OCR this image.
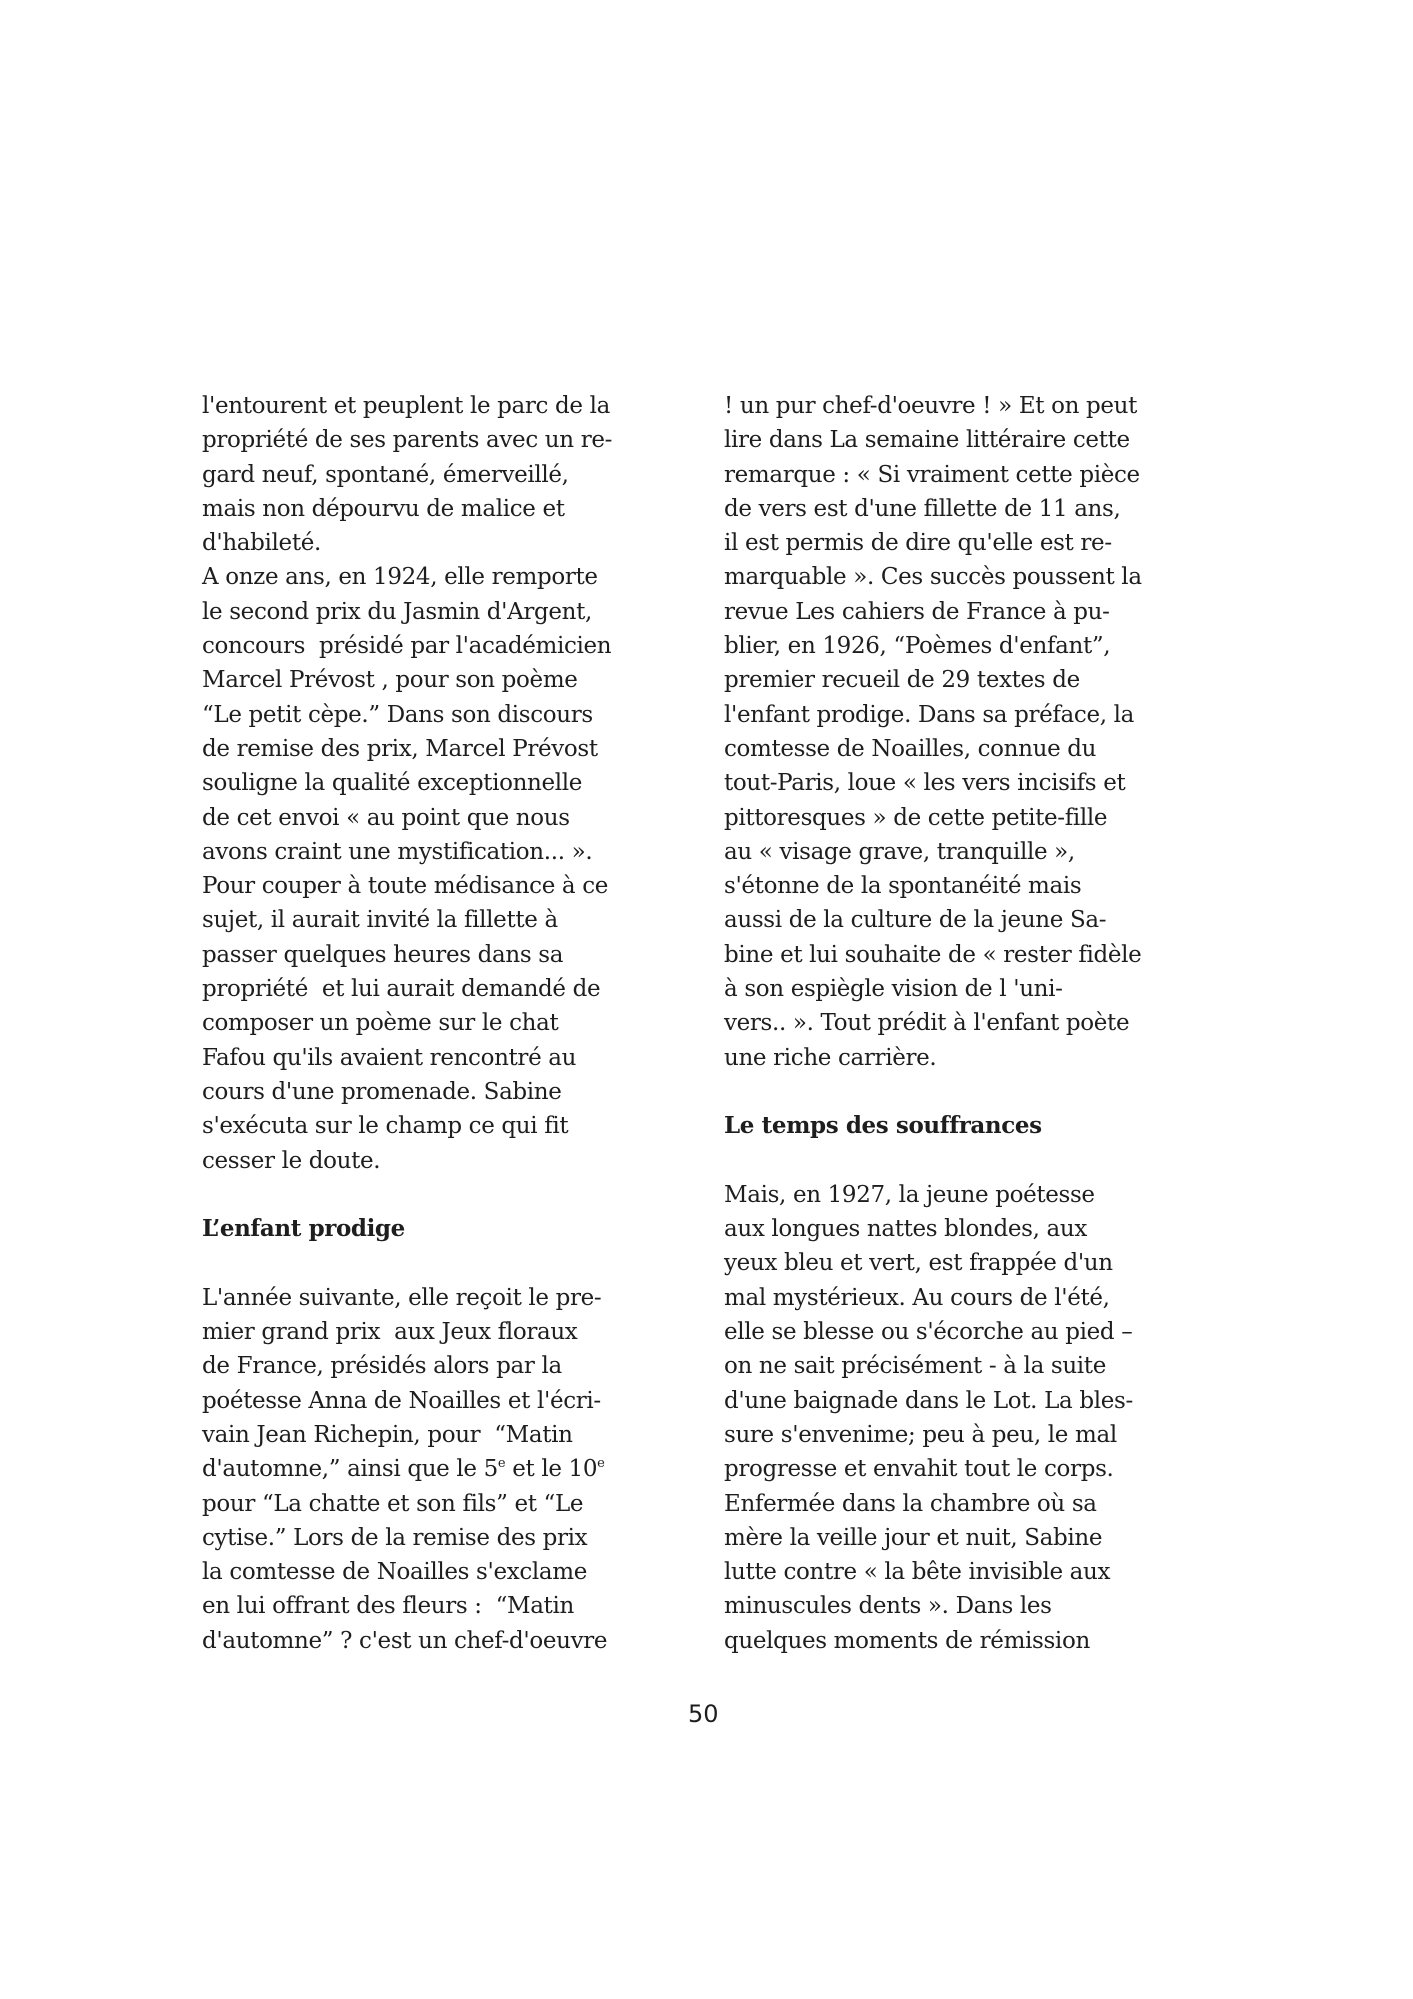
l'entourent et peuplent le parc de la
propriété de ses parents avec un re-
gard neuf, spontané, émerveillé,
mais non dépourvu de malice et
d'habileté.
A onze ans, en 1924, elle remporte
le second prix du Jasmin d'Argent,
concours  présidé par l'académicien
Marcel Prévost , pour son poème
“Le petit cèpe.” Dans son discours
de remise des prix, Marcel Prévost
souligne la qualité exceptionnelle
de cet envoi « au point que nous
avons craint une mystification... ».
Pour couper à toute médisance à ce
sujet, il aurait invité la fillette à
passer quelques heures dans sa
propriété  et lui aurait demandé de
composer un poème sur le chat
Fafou qu'ils avaient rencontré au
cours d'une promenade. Sabine
s'exécuta sur le champ ce qui fit
cesser le doute.
L’enfant prodige
L'année suivante, elle reçoit le pre-
mier grand prix  aux Jeux floraux
de France, présidés alors par la
poétesse Anna de Noailles et l'écri-
vain Jean Richepin, pour  “Matin
d'automne,” ainsi que le 5e et le 10e
pour “La chatte et son fils” et “Le
cytise.” Lors de la remise des prix
la comtesse de Noailles s'exclame
en lui offrant des fleurs :  “Matin
d'automne” ? c'est un chef-d'oeuvre
! un pur chef-d'oeuvre ! » Et on peut
lire dans La semaine littéraire cette
remarque : « Si vraiment cette pièce
de vers est d'une fillette de 11 ans,
il est permis de dire qu'elle est re-
marquable ». Ces succès poussent la
revue Les cahiers de France à pu-
blier, en 1926, “Poèmes d'enfant”,
premier recueil de 29 textes de
l'enfant prodige. Dans sa préface, la
comtesse de Noailles, connue du
tout-Paris, loue « les vers incisifs et
pittoresques » de cette petite-fille
au « visage grave, tranquille »,
s'étonne de la spontanéité mais
aussi de la culture de la jeune Sa-
bine et lui souhaite de « rester fidèle
à son espiègle vision de l 'uni-
vers.. ». Tout prédit à l'enfant poète
une riche carrière.
Le temps des souffrances
Mais, en 1927, la jeune poétesse
aux longues nattes blondes, aux
yeux bleu et vert, est frappée d'un
mal mystérieux. Au cours de l'été,
elle se blesse ou s'écorche au pied –
on ne sait précisément - à la suite
d'une baignade dans le Lot. La bles-
sure s'envenime; peu à peu, le mal
progresse et envahit tout le corps.
Enfermée dans la chambre où sa
mère la veille jour et nuit, Sabine
lutte contre « la bête invisible aux
minuscules dents ». Dans les
quelques moments de rémission
50
